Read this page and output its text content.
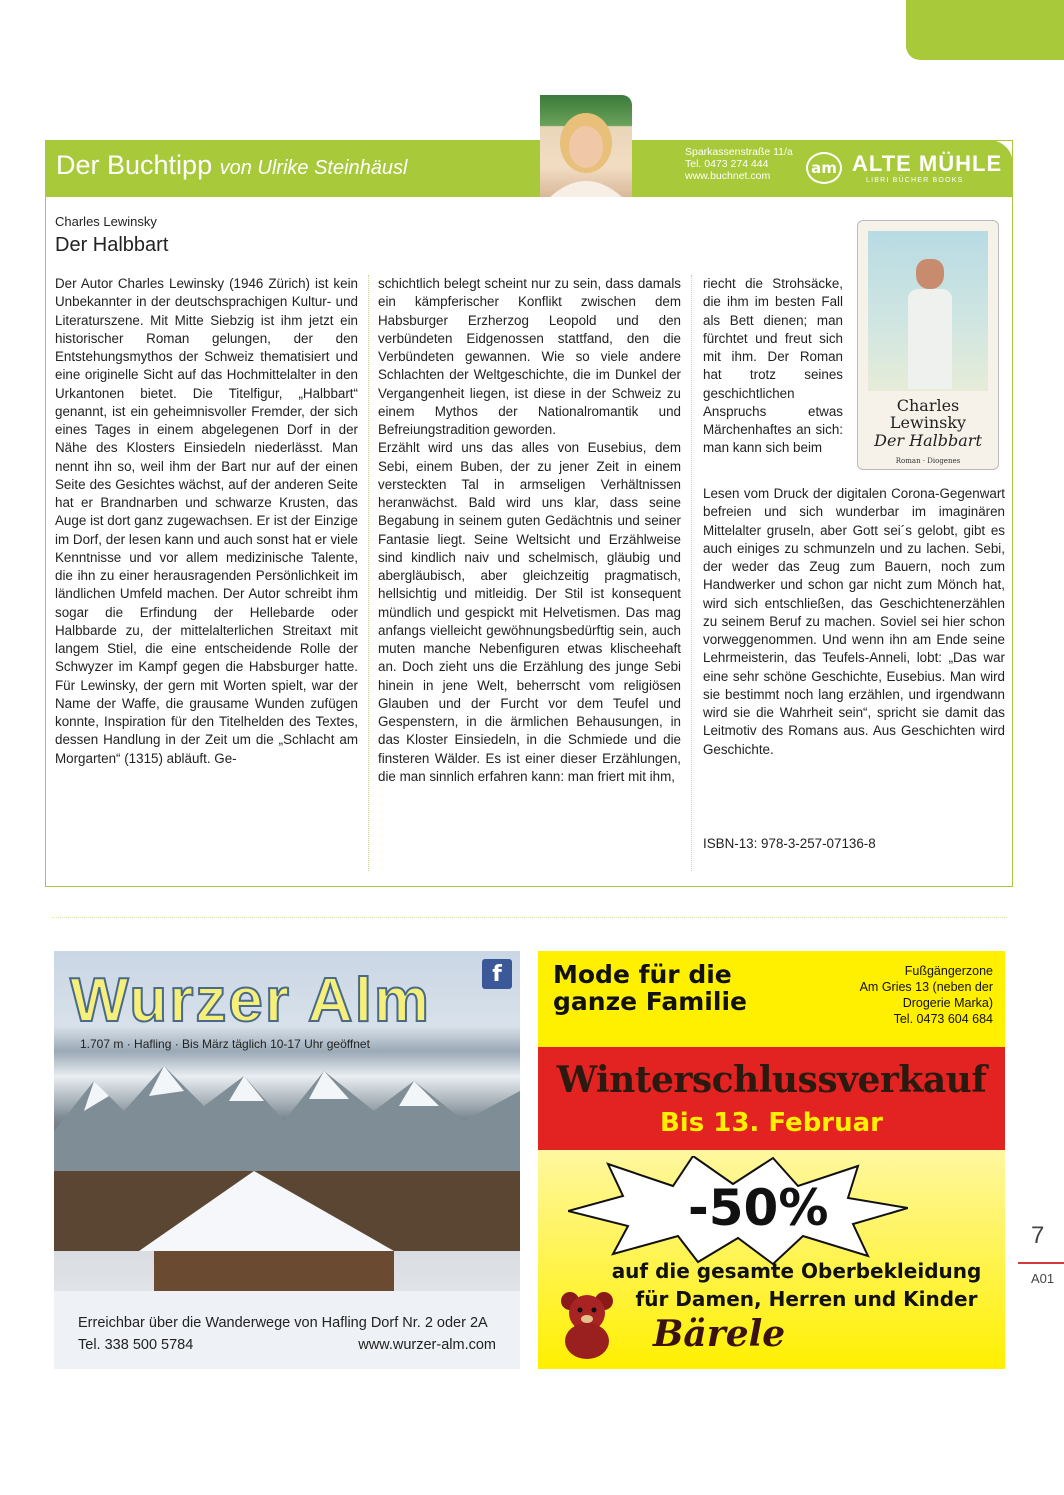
Der Buchtipp von Ulrike Steinhäusl
Sparkassenstraße 11/a
Tel. 0473 274 444
www.buchnet.com	am ALTE MÜHLE
LIBRI BÜCHER BOOKS
Charles Lewinsky
Der Halbbart

Der Autor Charles Lewinsky (1946 Zürich) ist kein Unbekannter in der deutschsprachigen Kultur- und Literaturszene. Mit Mitte Siebzig ist ihm jetzt ein historischer Roman gelungen, der den Entstehungsmythos der Schweiz thematisiert und eine originelle Sicht auf das Hochmittelalter in den Urkantonen bietet. Die Titelfigur, „Halbbart“ genannt, ist ein geheimnisvoller Fremder, der sich eines Tages in einem abgelegenen Dorf in der Nähe des Klosters Einsiedeln niederlässt. Man nennt ihn so, weil ihm der Bart nur auf der einen Seite des Gesichtes wächst, auf der anderen Seite hat er Brandnarben und schwarze Krusten, das Auge ist dort ganz zugewachsen. Er ist der Einzige im Dorf, der lesen kann und auch sonst hat er viele Kenntnisse und vor allem medizinische Talente, die ihn zu einer herausragenden Persönlichkeit im ländlichen Umfeld machen. Der Autor schreibt ihm sogar die Erfindung der Hellebarde oder Halbbarde zu, der mittelalterlichen Streitaxt mit langem Stiel, die eine entscheidende Rolle der Schwyzer im Kampf gegen die Habsburger hatte. Für Lewinsky, der gern mit Worten spielt, war der Name der Waffe, die grausame Wunden zufügen konnte, Inspiration für den Titelhelden des Textes, dessen Handlung in der Zeit um die „Schlacht am Morgarten“ (1315) abläuft. Ge-

schichtlich belegt scheint nur zu sein, dass damals ein kämpferischer Konflikt zwischen dem Habsburger Erzherzog Leopold und den verbündeten Eidgenossen stattfand, den die Verbündeten gewannen. Wie so viele andere Schlachten der Weltgeschichte, die im Dunkel der Vergangenheit liegen, ist diese in der Schweiz zu einem Mythos der Nationalromantik und Befreiungstradition geworden.

Erzählt wird uns das alles von Eusebius, dem Sebi, einem Buben, der zu jener Zeit in einem versteckten Tal in armseligen Verhältnissen heranwächst. Bald wird uns klar, dass seine Begabung in seinem guten Gedächtnis und seiner Fantasie liegt. Seine Weltsicht und Erzählweise sind kindlich naiv und schelmisch, gläubig und abergläubisch, aber gleichzeitig pragmatisch, hellsichtig und mitleidig. Der Stil ist konsequent mündlich und gespickt mit Helvetismen. Das mag anfangs vielleicht gewöhnungsbedürftig sein, auch muten manche Nebenfiguren etwas klischeehaft an. Doch zieht uns die Erzählung des junge Sebi hinein in jene Welt, beherrscht vom religiösen Glauben und der Furcht vor dem Teufel und Gespenstern, in die ärmlichen Behausungen, in das Kloster Einsiedeln, in die Schmiede und die finsteren Wälder. Es ist einer dieser Erzählungen, die man sinnlich erfahren kann: man friert mit ihm,

riecht die Strohsäcke, die ihm im besten Fall als Bett dienen; man fürchtet und freut sich mit ihm. Der Roman hat trotz seines geschichtlichen Anspruchs etwas Märchenhaftes an sich: man kann sich beim

Lesen vom Druck der digitalen Corona-Gegenwart befreien und sich wunderbar im imaginären Mittelalter gruseln, aber Gott sei´s gelobt, gibt es auch einiges zu schmunzeln und zu lachen. Sebi, der weder das Zeug zum Bauern, noch zum Handwerker und schon gar nicht zum Mönch hat, wird sich entschließen, das Geschichtenerzählen zu seinem Beruf zu machen. Soviel sei hier schon vorweggenommen. Und wenn ihn am Ende seine Lehrmeisterin, das Teufels-Anneli, lobt: „Das war eine sehr schöne Geschichte, Eusebius. Man wird sie bestimmt noch lang erzählen, und irgendwann wird sie die Wahrheit sein“, spricht sie damit das Leitmotiv des Romans aus. Aus Geschichten wird Geschichte.

ISBN-13: 978-3-257-07136-8
Charles
Lewinsky
Der Halbbart
Roman · Diogenes
Wurzer Alm
1.707 m · Hafling · Bis März täglich 10-17 Uhr geöffnet
f
Erreichbar über die Wanderwege von Hafling Dorf Nr. 2 oder 2A
Tel. 338 500 5784	www.wurzer-alm.com
Mode für die
ganze Familie
Fußgängerzone
Am Gries 13 (neben der
Drogerie Marka)
Tel. 0473 604 684
Winterschlussverkauf
Bis 13. Februar
-50%
auf die gesamte Oberbekleidung
für Damen, Herren und Kinder
Bärele
7
A01
